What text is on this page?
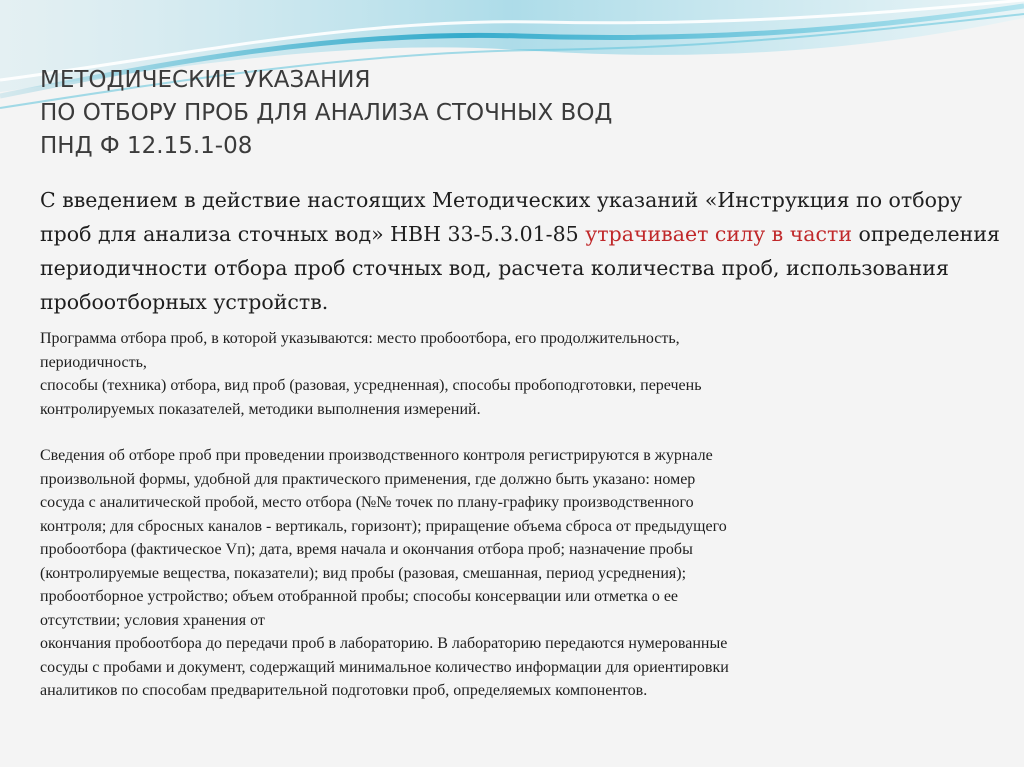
МЕТОДИЧЕСКИЕ УКАЗАНИЯ
ПО ОТБОРУ ПРОБ ДЛЯ АНАЛИЗА СТОЧНЫХ ВОД
ПНД Ф 12.15.1-08

С введением в действие настоящих Методических указаний «Инструкция по отбору проб для анализа сточных вод» НВН 33-5.3.01-85 утрачивает силу в части определения периодичности отбора проб сточных вод, расчета количества проб, использования пробоотборных устройств.

Программа отбора проб, в которой указываются: место пробоотбора, его продолжительность,

периодичность,

способы (техника) отбора, вид проб (разовая, усредненная), способы пробоподготовки, перечень

контролируемых показателей, методики выполнения измерений.

Сведения об отборе проб при проведении производственного контроля регистрируются в журнале

произвольной формы, удобной для практического применения, где должно быть указано: номер

сосуда с аналитической пробой, место отбора (№№ точек по плану-графику производственного

контроля; для сбросных каналов - вертикаль, горизонт); приращение объема сброса от предыдущего

пробоотбора (фактическое Vп); дата, время начала и окончания отбора проб; назначение пробы

(контролируемые вещества, показатели); вид пробы (разовая, смешанная, период усреднения);

пробоотборное устройство; объем отобранной пробы; способы консервации или отметка о ее

отсутствии; условия хранения от

окончания пробоотбора до передачи проб в лабораторию. В лабораторию передаются нумерованные

сосуды с пробами и документ, содержащий минимальное количество информации для ориентировки

аналитиков по способам предварительной подготовки проб, определяемых компонентов.
